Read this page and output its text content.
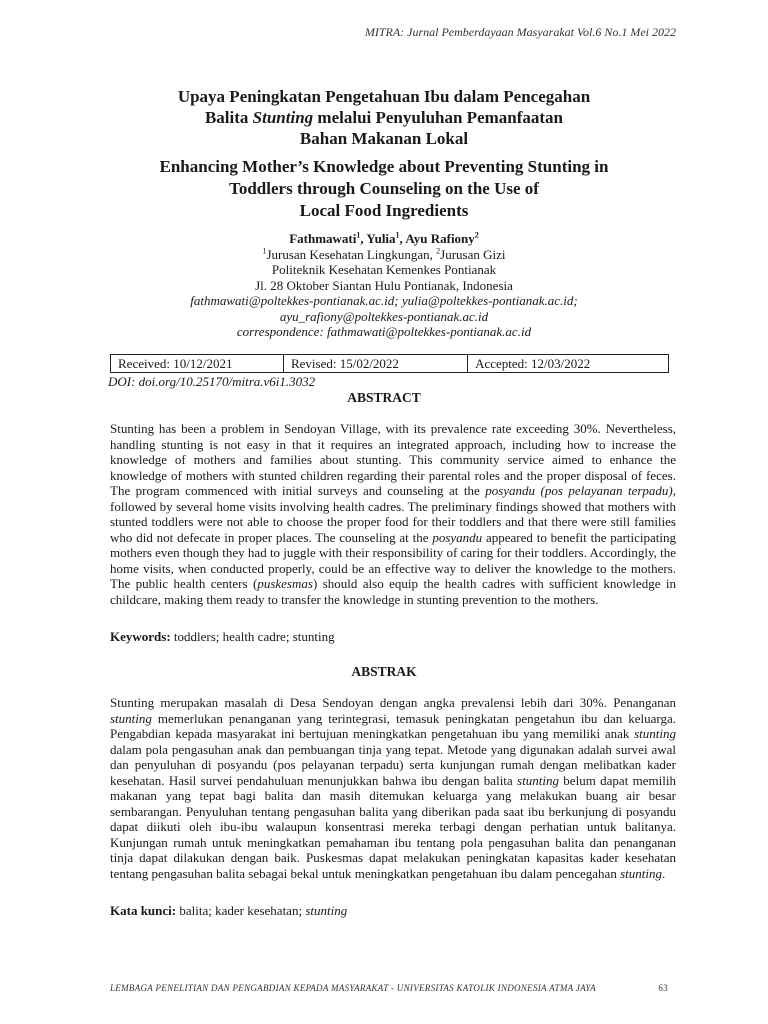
MITRA: Jurnal Pemberdayaan Masyarakat Vol.6 No.1 Mei 2022
Upaya Peningkatan Pengetahuan Ibu dalam Pencegahan
Balita Stunting melalui Penyuluhan Pemanfaatan
Bahan Makanan Lokal
Enhancing Mother’s Knowledge about Preventing Stunting in
Toddlers through Counseling on the Use of
Local Food Ingredients
Fathmawati$^1$, Yulia$^1$, Ayu Rafiony$^2$
$^1$Jurusan Kesehatan Lingkungan, $^2$Jurusan Gizi
Politeknik Kesehatan Kemenkes Pontianak
Jl. 28 Oktober Siantan Hulu Pontianak, Indonesia
fathmawati@poltekkes-pontianak.ac.id; yulia@poltekkes-pontianak.ac.id;
ayu_rafiony@poltekkes-pontianak.ac.id
correspondence: fathmawati@poltekkes-pontianak.ac.id
Received: 10/12/2021	Revised: 15/02/2022	Accepted: 12/03/2022
DOI: doi.org/10.25170/mitra.v6i1.3032
ABSTRACT
Stunting has been a problem in Sendoyan Village, with its prevalence rate exceeding 30%. Nevertheless, handling stunting is not easy in that it requires an integrated approach, including how to increase the knowledge of mothers and families about stunting. This community service aimed to enhance the knowledge of mothers with stunted children regarding their parental roles and the proper disposal of feces. The program commenced with initial surveys and counseling at the posyandu (pos pelayanan terpadu), followed by several home visits involving health cadres. The preliminary findings showed that mothers with stunted toddlers were not able to choose the proper food for their toddlers and that there were still families who did not defecate in proper places. The counseling at the posyandu appeared to benefit the participating mothers even though they had to juggle with their responsibility of caring for their toddlers. Accordingly, the home visits, when conducted properly, could be an effective way to deliver the knowledge to the mothers. The public health centers (puskesmas) should also equip the health cadres with sufficient knowledge in childcare, making them ready to transfer the knowledge in stunting prevention to the mothers.
Keywords: toddlers; health cadre; stunting
ABSTRAK
Stunting merupakan masalah di Desa Sendoyan dengan angka prevalensi lebih dari 30%. Penanganan stunting memerlukan penanganan yang terintegrasi, temasuk peningkatan pengetahun ibu dan keluarga. Pengabdian kepada masyarakat ini bertujuan meningkatkan pengetahuan ibu yang memiliki anak stunting dalam pola pengasuhan anak dan pembuangan tinja yang tepat. Metode yang digunakan adalah survei awal dan penyuluhan di posyandu (pos pelayanan terpadu) serta kunjungan rumah dengan melibatkan kader kesehatan. Hasil survei pendahuluan menunjukkan bahwa ibu dengan balita stunting belum dapat memilih makanan yang tepat bagi balita dan masih ditemukan keluarga yang melakukan buang air besar sembarangan. Penyuluhan tentang pengasuhan balita yang diberikan pada saat ibu berkunjung di posyandu dapat diikuti oleh ibu-ibu walaupun konsentrasi mereka terbagi dengan perhatian untuk balitanya. Kunjungan rumah untuk meningkatkan pemahaman ibu tentang pola pengasuhan balita dan penanganan tinja dapat dilakukan dengan baik. Puskesmas dapat melakukan peningkatan kapasitas kader kesehatan tentang pengasuhan balita sebagai bekal untuk meningkatkan pengetahuan ibu dalam pencegahan stunting.
Kata kunci: balita; kader kesehatan; stunting
LEMBAGA PENELITIAN DAN PENGABDIAN KEPADA MASYARAKAT - UNIVERSITAS KATOLIK INDONESIA ATMA JAYA	63
